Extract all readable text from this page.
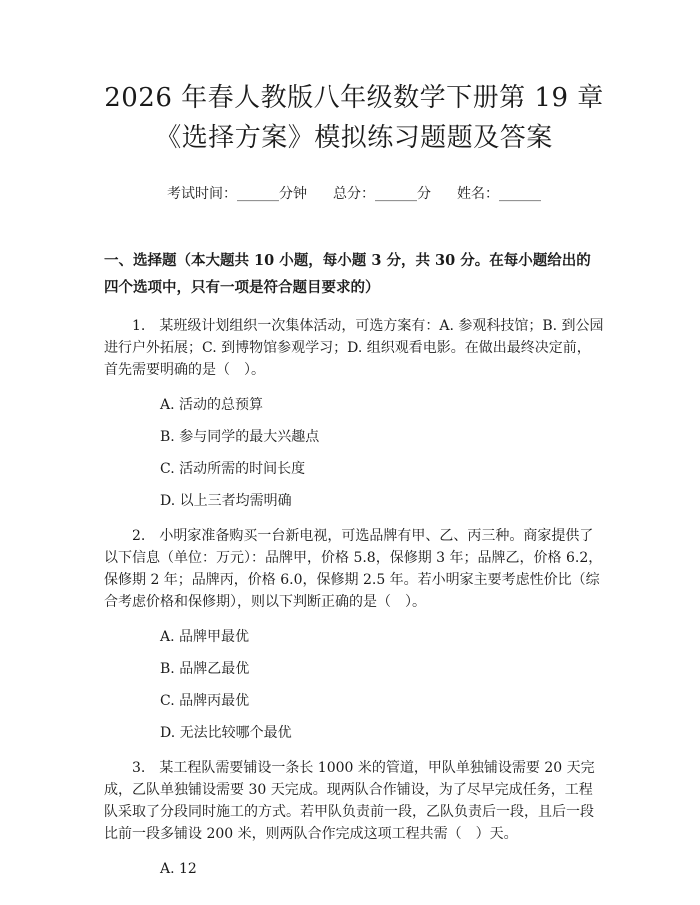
2026 年春人教版八年级数学下册第 19 章
《选择方案》模拟练习题题及答案
考试时间：______分钟 总分：______分 姓名：______
一、选择题（本大题共 10 小题，每小题 3 分，共 30 分。在每小题给出的四个选项中，只有一项是符合题目要求的）

1.　某班级计划组织一次集体活动，可选方案有：A. 参观科技馆；B. 到公园进行户外拓展；C. 到博物馆参观学习；D. 组织观看电影。在做出最终决定前，首先需要明确的是（　）。

A. 活动的总预算
B. 参与同学的最大兴趣点
C. 活动所需的时间长度
D. 以上三者均需明确

2.　小明家准备购买一台新电视，可选品牌有甲、乙、丙三种。商家提供了以下信息（单位：万元）：品牌甲，价格 5.8，保修期 3 年；品牌乙，价格 6.2，保修期 2 年；品牌丙，价格 6.0，保修期 2.5 年。若小明家主要考虑性价比（综合考虑价格和保修期），则以下判断正确的是（　）。

A. 品牌甲最优
B. 品牌乙最优
C. 品牌丙最优
D. 无法比较哪个最优

3.　某工程队需要铺设一条长 1000 米的管道，甲队单独铺设需要 20 天完成，乙队单独铺设需要 30 天完成。现两队合作铺设，为了尽早完成任务，工程队采取了分段同时施工的方式。若甲队负责前一段，乙队负责后一段，且后一段比前一段多铺设 200 米，则两队合作完成这项工程共需（　）天。

A. 12
